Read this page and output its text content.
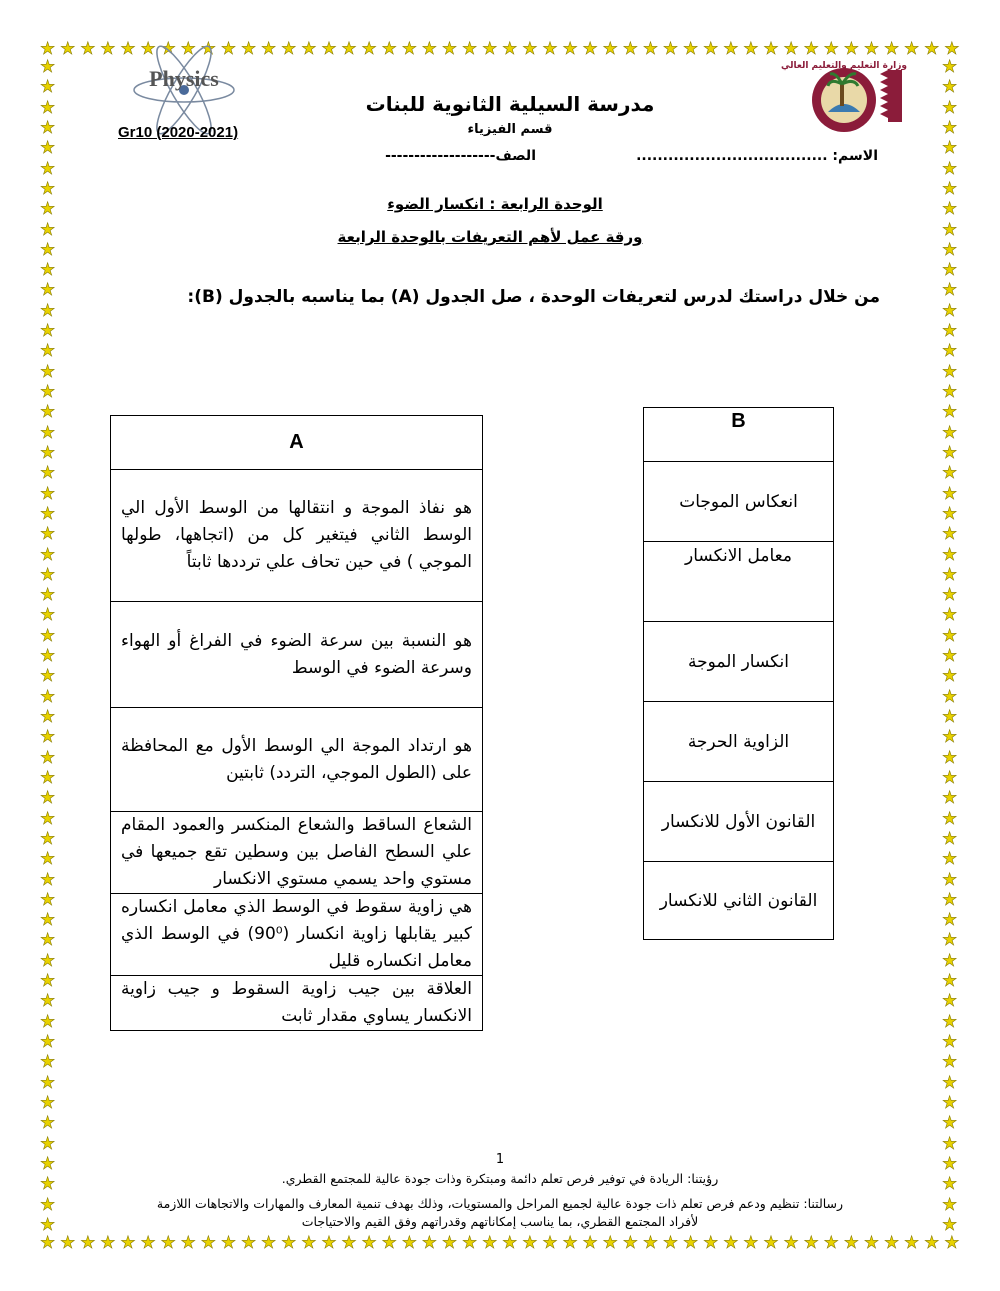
★ ★ ★ ★ ★ ★ ★ ★ ★ ★ ★ ★ ★ ★ ★ ★ ★ ★ ★ ★ ★ ★ ★ ★ ★ ★ ★ ★ ★ ★ ★ ★ ★ ★ ★ ★ ★ ★ ★ ★ ★ ★ ★ ★ ★ ★
★ ★ ★ ★ ★ ★ ★ ★ ★ ★ ★ ★ ★ ★ ★ ★ ★ ★ ★ ★ ★ ★ ★ ★ ★ ★ ★ ★ ★ ★ ★ ★ ★ ★ ★ ★ ★ ★ ★ ★ ★ ★ ★ ★ ★ ★
★
★
★
★
★
★
★
★
★
★
★
★
★
★
★
★
★
★
★
★
★
★
★
★
★
★
★
★
★
★
★
★
★
★
★
★
★
★
★
★
★
★
★
★
★
★
★
★
★
★
★
★
★
★
★
★
★
★
★
★
★
★
★
★
★
★
★
★
★
★
★
★
★
★
★
★
★
★
★
★
★
★
★
★
★
★
★
★
★
★
★
★
★
★
★
★
★
★
★
★
★
★
★
★
★
★
★
★
★
★
★
★
★
★
★
★
Physics	وزارة التعليم والتعليم العالي
مدرسة السيلية الثانوية للبنات
قسم الفيزياء
Gr10 (2020-2021)
الاسم: ....................................
الصف-------------------
الوحدة الرابعة : انكسار الضوء
ورقة عمل لأهم التعريفات بالوحدة الرابعة
من خلال دراستك لدرس لتعريفات الوحدة ، صل الجدول (A) بما يناسبه بالجدول (B):
A
هو نفاذ الموجة و انتقالها من الوسط الأول الي الوسط الثاني فيتغير كل من (اتجاهها، طولها الموجي ) في حين تحاف علي ترددها ثابتاً
هو النسبة بين سرعة الضوء في الفراغ أو الهواء وسرعة الضوء في الوسط
هو ارتداد الموجة الي الوسط الأول مع المحافظة على (الطول الموجي، التردد) ثابتين
الشعاع الساقط والشعاع المنكسر والعمود المقام علي السطح الفاصل بين وسطين تقع جميعها في مستوي واحد يسمي مستوي الانكسار
هي زاوية سقوط في الوسط الذي معامل انكساره كبير يقابلها زاوية انكسار (90⁰) في الوسط الذي معامل انكساره قليل
العلاقة بين جيب زاوية السقوط و جيب زاوية الانكسار يساوي مقدار ثابت
B
انعكاس الموجات
معامل الانكسار
انكسار الموجة
الزاوية الحرجة
القانون الأول للانكسار
القانون الثاني للانكسار
1
رؤيتنا: الريادة في توفير فرص تعلم دائمة ومبتكرة وذات جودة عالية للمجتمع القطري.
رسالتنا: تنظيم ودعم فرص تعلم ذات جودة عالية لجميع المراحل والمستويات، وذلك بهدف تنمية المعارف والمهارات والاتجاهات اللازمة
لأفراد المجتمع القطري، بما يناسب إمكاناتهم وقدراتهم وفق القيم والاحتياجات
